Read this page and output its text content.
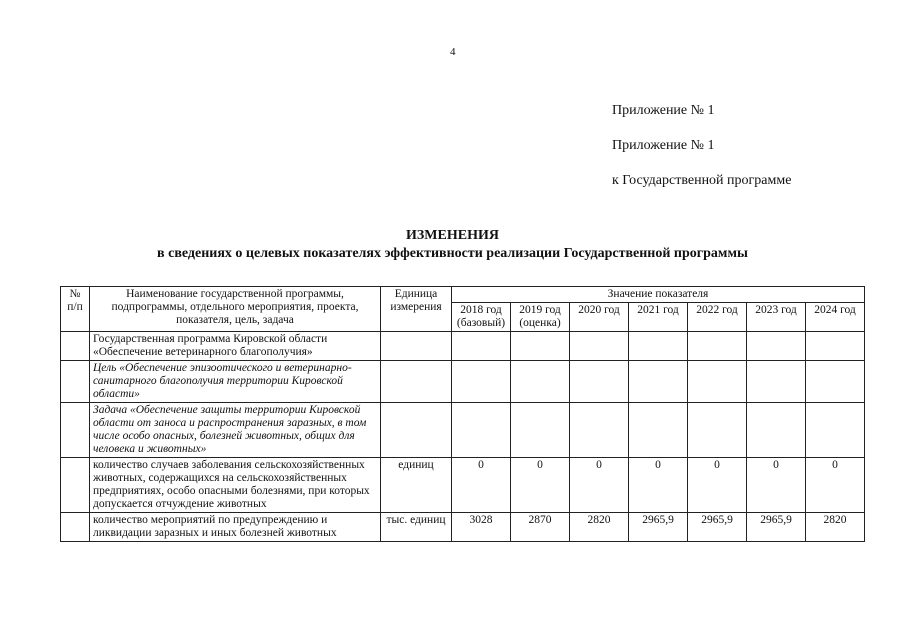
4
Приложение № 1
Приложение № 1
к Государственной программе
ИЗМЕНЕНИЯ
в сведениях о целевых показателях эффективности реализации Государственной программы
№ п/п	Наименование государственной программы, подпрограммы, отдельного мероприятия, проекта, показателя, цель, задача	Единица измерения	Значение показателя						
			2018 год (базовый)	2019 год (оценка)	2020 год	2021 год	2022 год	2023 год	2024 год
	Государственная программа Кировской области «Обеспечение ветеринарного благополучия»								
	Цель «Обеспечение эпизоотического и ветеринарно-санитарного благополучия территории Кировской области»								
	Задача «Обеспечение защиты территории Кировской области от заноса и распространения заразных, в том числе особо опасных, болезней животных, общих для человека и животных»								
	количество случаев заболевания сельскохозяйственных животных, содержащихся на сельскохозяйственных предприятиях, особо опасными болезнями, при которых допускается отчуждение животных	единиц	0	0	0	0	0	0	0
	количество мероприятий по предупреждению и ликвидации заразных и иных болезней животных	тыс. единиц	3028	2870	2820	2965,9	2965,9	2965,9	2820
